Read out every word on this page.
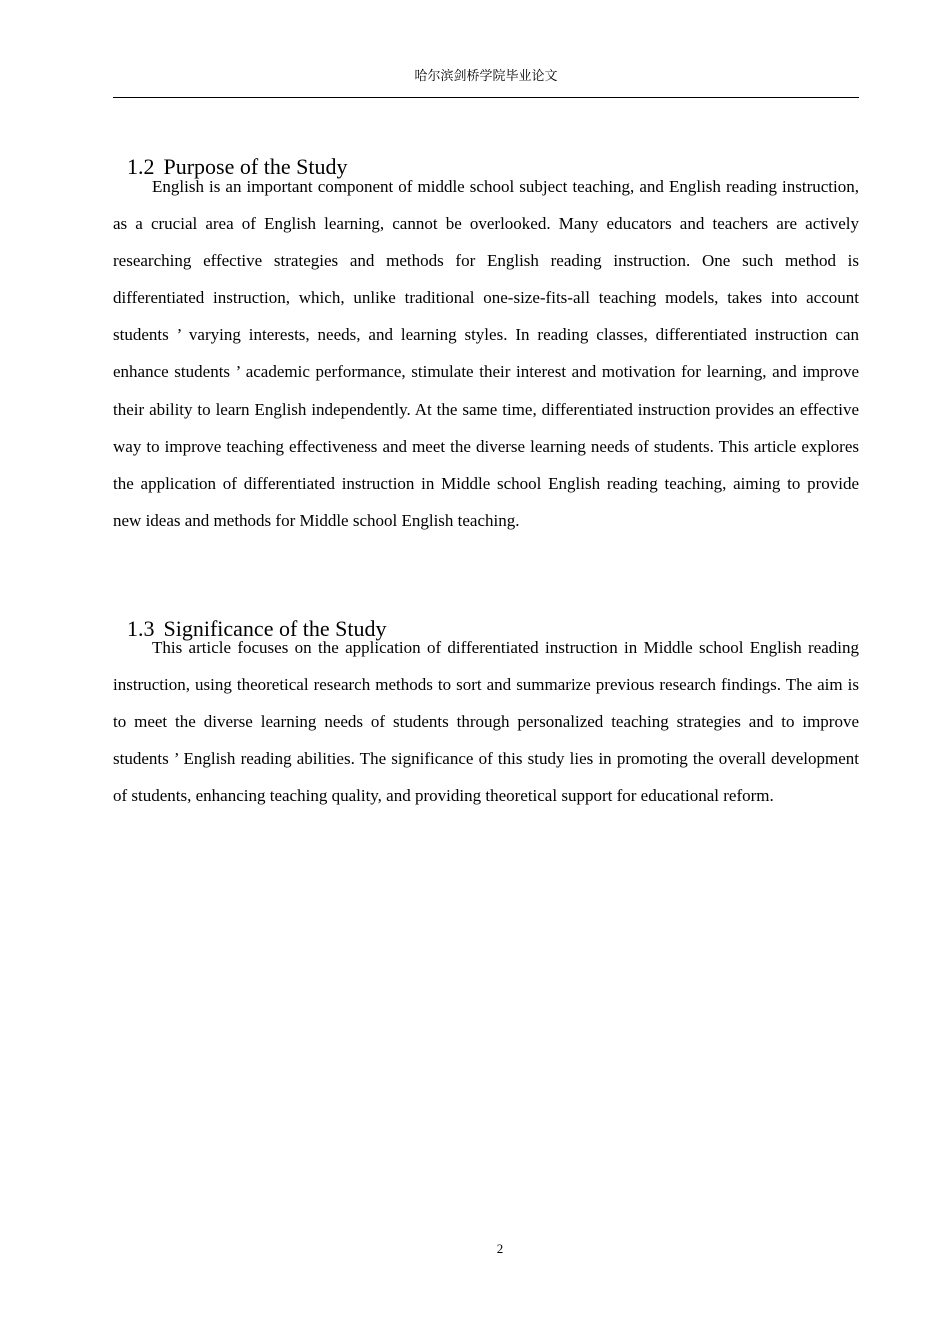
哈尔滨剑桥学院毕业论文

1.2 Purpose of the Study

English is an important component of middle school subject teaching, and English reading instruction, as a crucial area of English learning, cannot be overlooked. Many educators and teachers are actively researching effective strategies and methods for English reading instruction. One such method is differentiated instruction, which, unlike traditional one-size-fits-all teaching models, takes into account students ’ varying interests, needs, and learning styles. In reading classes, differentiated instruction can enhance students ’ academic performance, stimulate their interest and motivation for learning, and improve their ability to learn English independently. At the same time, differentiated instruction provides an effective way to improve teaching effectiveness and meet the diverse learning needs of students. This article explores the application of differentiated instruction in Middle school English reading teaching, aiming to provide new ideas and methods for Middle school English teaching.

1.3 Significance of the Study

This article focuses on the application of differentiated instruction in Middle school English reading instruction, using theoretical research methods to sort and summarize previous research findings. The aim is to meet the diverse learning needs of students through personalized teaching strategies and to improve students ’ English reading abilities. The significance of this study lies in promoting the overall development of students, enhancing teaching quality, and providing theoretical support for educational reform.

2
